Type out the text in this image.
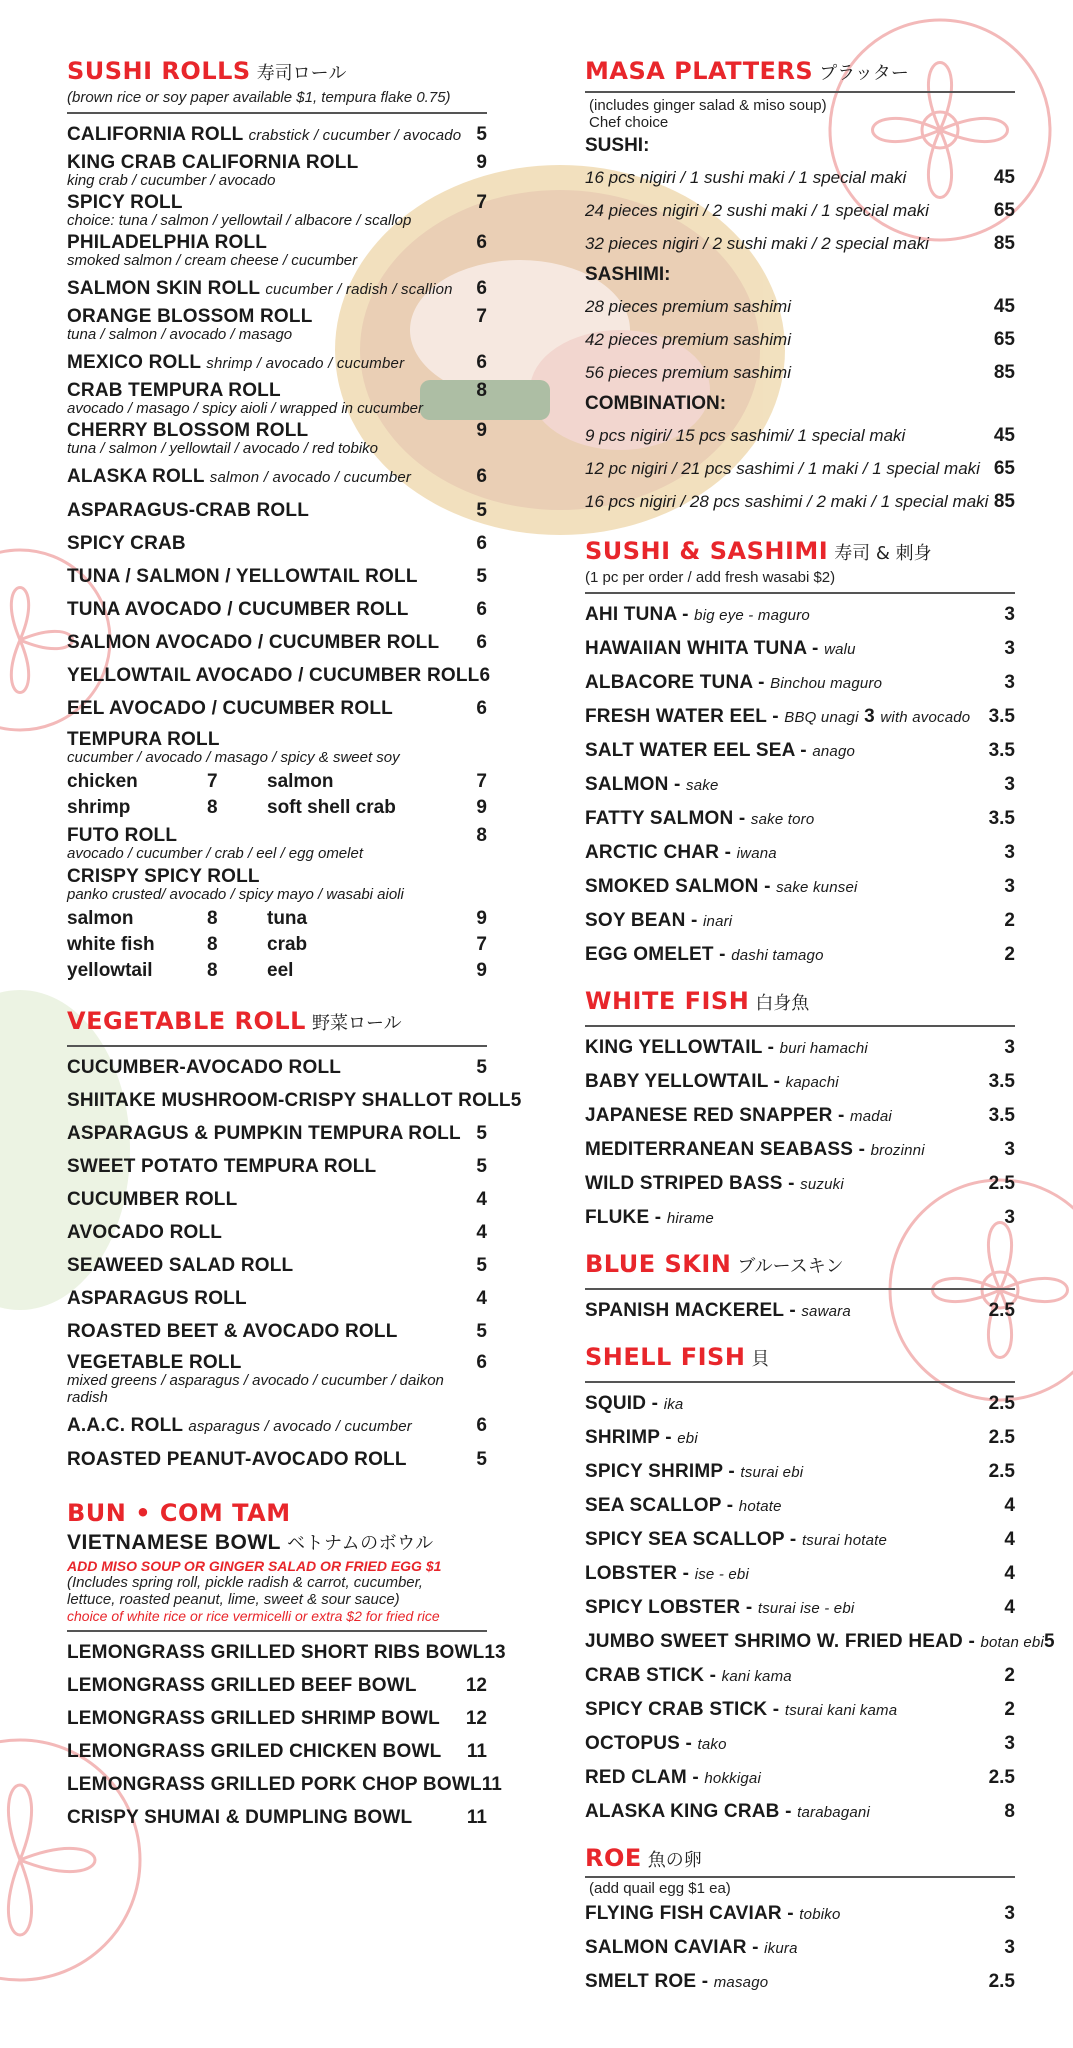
SUSHI ROLLS 寿司ロール
(brown rice or soy paper available $1, tempura flake 0.75)
CALIFORNIA ROLL crabstick / cucumber / avocado 5
KING CRAB CALIFORNIA ROLL	9
king crab / cucumber / avocado
SPICY ROLL	7
choice: tuna / salmon / yellowtail / albacore / scallop
PHILADELPHIA ROLL	6
smoked salmon / cream cheese / cucumber
SALMON SKIN ROLL cucumber / radish / scallion 6
ORANGE BLOSSOM ROLL	7
tuna / salmon / avocado / masago
MEXICO ROLL shrimp / avocado / cucumber	6
CRAB TEMPURA ROLL	8
avocado / masago / spicy aioli / wrapped in cucumber
CHERRY BLOSSOM ROLL	9
tuna / salmon / yellowtail / avocado / red tobiko
ALASKA ROLL salmon / avocado / cucumber	6
ASPARAGUS-CRAB ROLL	5
SPICY CRAB	6
TUNA / SALMON / YELLOWTAIL ROLL	5
TUNA AVOCADO / CUCUMBER ROLL	6
SALMON AVOCADO / CUCUMBER ROLL 6
YELLOWTAIL AVOCADO / CUCUMBER ROLL 6
EEL AVOCADO / CUCUMBER ROLL	6
TEMPURA ROLL
cucumber / avocado / masago / spicy & sweet soy
chicken	7	salmon	7
shrimp	8	soft shell crab	9
FUTO ROLL	8
avocado / cucumber / crab / eel / egg omelet
CRISPY SPICY ROLL
panko crusted/ avocado / spicy mayo / wasabi aioli
salmon	8	tuna	9
white fish	8	crab	7
yellowtail	8	eel	9
VEGETABLE ROLL 野菜ロール
CUCUMBER-AVOCADO ROLL	5
SHIITAKE MUSHROOM-CRISPY SHALLOT ROLL 5
ASPARAGUS & PUMPKIN TEMPURA ROLL 5
SWEET POTATO TEMPURA ROLL	5
CUCUMBER ROLL	4
AVOCADO ROLL	4
SEAWEED SALAD ROLL	5
ASPARAGUS ROLL	4
ROASTED BEET & AVOCADO ROLL	5
VEGETABLE ROLL	6
mixed greens / asparagus / avocado / cucumber / daikon
radish
A.A.C. ROLL asparagus / avocado / cucumber	6
ROASTED PEANUT-AVOCADO ROLL	5
BUN • COM TAM
VIETNAMESE BOWL ベトナムのボウル
ADD MISO SOUP OR GINGER SALAD OR FRIED EGG $1
(Includes spring roll, pickle radish & carrot, cucumber,
lettuce, roasted peanut, lime, sweet & sour sauce)
choice of white rice or rice vermicelli or extra $2 for fried rice
LEMONGRASS GRILLED SHORT RIBS BOWL 13
LEMONGRASS GRILLED BEEF BOWL	12
LEMONGRASS GRILLED SHRIMP BOWL 12
LEMONGRASS GRILED CHICKEN BOWL 11
LEMONGRASS GRILLED PORK CHOP BOWL 11
CRISPY SHUMAI & DUMPLING BOWL	11
MASA PLATTERS プラッター
(includes ginger salad & miso soup)
Chef choice
SUSHI:
16 pcs nigiri / 1 sushi maki / 1 special maki	45
24 pieces nigiri / 2 sushi maki / 1 special maki	65
32 pieces nigiri / 2 sushi maki / 2 special maki	85
SASHIMI:
28 pieces premium sashimi	45
42 pieces premium sashimi	65
56 pieces premium sashimi	85
COMBINATION:
9 pcs nigiri/ 15 pcs sashimi/ 1 special maki	45
12 pc nigiri / 21 pcs sashimi / 1 maki / 1 special maki 65
16 pcs nigiri / 28 pcs sashimi / 2 maki / 1 special maki 85
SUSHI & SASHIMI 寿司 & 刺身
(1 pc per order / add fresh wasabi $2)
AHI TUNA - big eye - maguro	3
HAWAIIAN WHITA TUNA - walu	3
ALBACORE TUNA - Binchou maguro	3
FRESH WATER EEL - BBQ unagi 3 with avocado 3.5
SALT WATER EEL SEA - anago	3.5
SALMON - sake	3
FATTY SALMON - sake toro	3.5
ARCTIC CHAR - iwana	3
SMOKED SALMON - sake kunsei	3
SOY BEAN - inari	2
EGG OMELET - dashi tamago	2
WHITE FISH 白身魚
KING YELLOWTAIL - buri hamachi	3
BABY YELLOWTAIL - kapachi	3.5
JAPANESE RED SNAPPER - madai	3.5
MEDITERRANEAN SEABASS - brozinni	3
WILD STRIPED BASS - suzuki	2.5
FLUKE - hirame	3
BLUE SKIN ブルースキン
SPANISH MACKEREL - sawara	2.5
SHELL FISH 貝
SQUID - ika	2.5
SHRIMP - ebi	2.5
SPICY SHRIMP - tsurai ebi	2.5
SEA SCALLOP - hotate	4
SPICY SEA SCALLOP - tsurai hotate	4
LOBSTER - ise - ebi	4
SPICY LOBSTER - tsurai ise - ebi	4
JUMBO SWEET SHRIMO W. FRIED HEAD - botan ebi 5
CRAB STICK - kani kama	2
SPICY CRAB STICK - tsurai kani kama	2
OCTOPUS - tako	3
RED CLAM - hokkigai	2.5
ALASKA KING CRAB - tarabagani	8
ROE 魚の卵
(add quail egg $1 ea)
FLYING FISH CAVIAR - tobiko	3
SALMON CAVIAR - ikura	3
SMELT ROE - masago	2.5
